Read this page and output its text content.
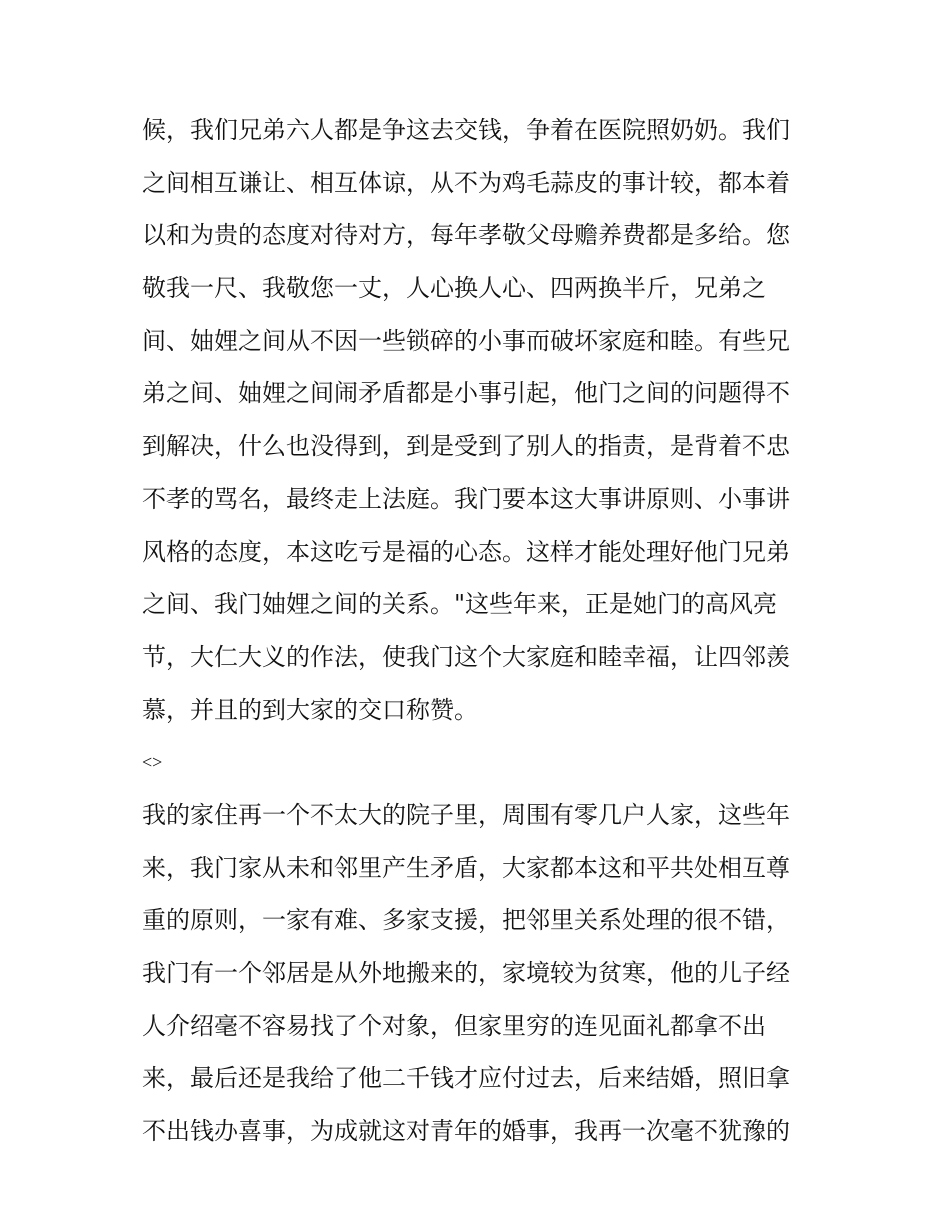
候，我们兄弟六人都是争这去交钱，争着在医院照奶奶。我们
之间相互谦让、相互体谅，从不为鸡毛蒜皮的事计较，都本着
以和为贵的态度对待对方，每年孝敬父母赡养费都是多给。您
敬我一尺、我敬您一丈，人心换人心、四两换半斤，兄弟之
间、妯娌之间从不因一些锁碎的小事而破坏家庭和睦。有些兄
弟之间、妯娌之间闹矛盾都是小事引起，他门之间的问题得不
到解决，什么也没得到，到是受到了别人的指责，是背着不忠
不孝的骂名，最终走上法庭。我门要本这大事讲原则、小事讲
风格的态度，本这吃亏是福的心态。这样才能处理好他门兄弟
之间、我门妯娌之间的关系。"这些年来，正是她门的高风亮
节，大仁大义的作法，使我门这个大家庭和睦幸福，让四邻羡
慕，并且的到大家的交口称赞。
<>
我的家住再一个不太大的院子里，周围有零几户人家，这些年
来，我门家从未和邻里产生矛盾，大家都本这和平共处相互尊
重的原则，一家有难、多家支援，把邻里关系处理的很不错，
我门有一个邻居是从外地搬来的，家境较为贫寒，他的儿子经
人介绍毫不容易找了个对象，但家里穷的连见面礼都拿不出
来，最后还是我给了他二千钱才应付过去，后来结婚，照旧拿
不出钱办喜事，为成就这对青年的婚事，我再一次毫不犹豫的
